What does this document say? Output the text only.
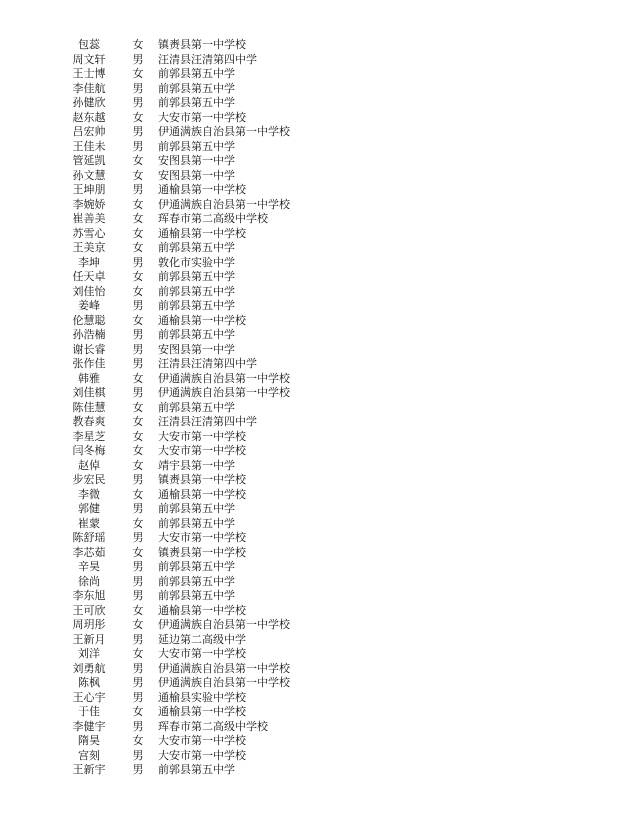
包蕊	女	镇赉县第一中学校
周文轩	男	汪清县汪清第四中学
王士博	女	前郭县第五中学
李佳航	男	前郭县第五中学
孙健欣	男	前郭县第五中学
赵东越	女	大安市第一中学校
吕宏帅	男	伊通满族自治县第一中学校
王佳未	男	前郭县第五中学
管延凯	女	安图县第一中学
孙文慧	女	安图县第一中学
王坤朋	男	通榆县第一中学校
李婉娇	女	伊通满族自治县第一中学校
崔善美	女	珲春市第二高级中学校
苏雪心	女	通榆县第一中学校
王美京	女	前郭县第五中学
李坤	男	敦化市实验中学
任天卓	女	前郭县第五中学
刘佳怡	女	前郭县第五中学
姜峰	男	前郭县第五中学
伦慧聪	女	通榆县第一中学校
孙浩楠	男	前郭县第五中学
谢长睿	男	安图县第一中学
张作佳	男	汪清县汪清第四中学
韩雅	女	伊通满族自治县第一中学校
刘佳棋	男	伊通满族自治县第一中学校
陈佳慧	女	前郭县第五中学
教春爽	女	汪清县汪清第四中学
李星芝	女	大安市第一中学校
闫冬梅	女	大安市第一中学校
赵倬	女	靖宇县第一中学
步宏民	男	镇赉县第一中学校
李微	女	通榆县第一中学校
郭健	男	前郭县第五中学
崔蒙	女	前郭县第五中学
陈舒瑶	男	大安市第一中学校
李芯茹	女	镇赉县第一中学校
辛昊	男	前郭县第五中学
徐尚	男	前郭县第五中学
李东旭	男	前郭县第五中学
王可欣	女	通榆县第一中学校
周玥彤	女	伊通满族自治县第一中学校
王新月	男	延边第二高级中学
刘洋	女	大安市第一中学校
刘勇航	男	伊通满族自治县第一中学校
陈枫	男	伊通满族自治县第一中学校
王心宇	男	通榆县实验中学校
于佳	女	通榆县第一中学校
李健宇	男	珲春市第二高级中学校
隋昊	女	大安市第一中学校
宫刻	男	大安市第一中学校
王新宇	男	前郭县第五中学
